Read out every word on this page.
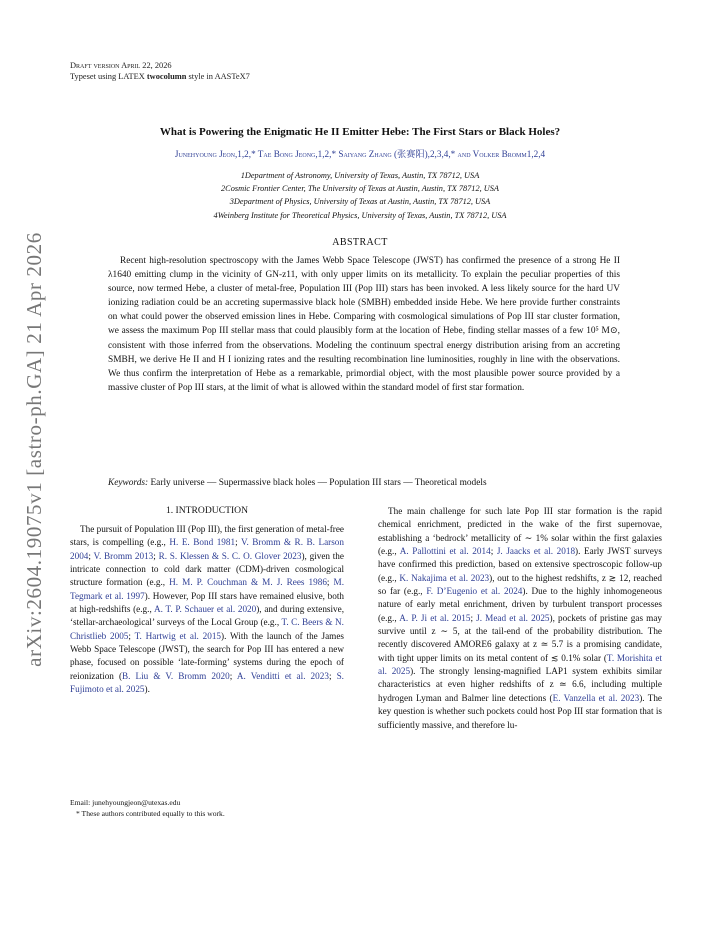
arXiv:2604.19075v1 [astro-ph.GA] 21 Apr 2026
Draft version April 22, 2026
Typeset using LATEX twocolumn style in AASTeX7
What is Powering the Enigmatic He II Emitter Hebe: The First Stars or Black Holes?
Junehyoung Jeon,1,2,* Tae Bong Jeong,1,2,* Saiyang Zhang (张赛阳),2,3,4,* and Volker Bromm1,2,4
1Department of Astronomy, University of Texas, Austin, TX 78712, USA
2Cosmic Frontier Center, The University of Texas at Austin, Austin, TX 78712, USA
3Department of Physics, University of Texas at Austin, Austin, TX 78712, USA
4Weinberg Institute for Theoretical Physics, University of Texas, Austin, TX 78712, USA
ABSTRACT

Recent high-resolution spectroscopy with the James Webb Space Telescope (JWST) has confirmed the presence of a strong He II λ1640 emitting clump in the vicinity of GN-z11, with only upper limits on its metallicity. To explain the peculiar properties of this source, now termed Hebe, a cluster of metal-free, Population III (Pop III) stars has been invoked. A less likely source for the hard UV ionizing radiation could be an accreting supermassive black hole (SMBH) embedded inside Hebe. We here provide further constraints on what could power the observed emission lines in Hebe. Comparing with cosmological simulations of Pop III star cluster formation, we assess the maximum Pop III stellar mass that could plausibly form at the location of Hebe, finding stellar masses of a few 10⁵ M⊙, consistent with those inferred from the observations. Modeling the continuum spectral energy distribution arising from an accreting SMBH, we derive He II and H I ionizing rates and the resulting recombination line luminosities, roughly in line with the observations. We thus confirm the interpretation of Hebe as a remarkable, primordial object, with the most plausible power source provided by a massive cluster of Pop III stars, at the limit of what is allowed within the standard model of first star formation.

Keywords: Early universe — Supermassive black holes — Population III stars — Theoretical models
1. INTRODUCTION

The pursuit of Population III (Pop III), the first generation of metal-free stars, is compelling (e.g., H. E. Bond 1981; V. Bromm & R. B. Larson 2004; V. Bromm 2013; R. S. Klessen & S. C. O. Glover 2023), given the intricate connection to cold dark matter (CDM)-driven cosmological structure formation (e.g., H. M. P. Couchman & M. J. Rees 1986; M. Tegmark et al. 1997). However, Pop III stars have remained elusive, both at high-redshifts (e.g., A. T. P. Schauer et al. 2020), and during extensive, ‘stellar-archaeological’ surveys of the Local Group (e.g., T. C. Beers & N. Christlieb 2005; T. Hartwig et al. 2015). With the launch of the James Webb Space Telescope (JWST), the search for Pop III has entered a new phase, focused on possible ‘late-forming’ systems during the epoch of reionization (B. Liu & V. Bromm 2020; A. Venditti et al. 2023; S. Fujimoto et al. 2025).

The main challenge for such late Pop III star formation is the rapid chemical enrichment, predicted in the wake of the first supernovae, establishing a ‘bedrock’ metallicity of ∼ 1% solar within the first galaxies (e.g., A. Pallottini et al. 2014; J. Jaacks et al. 2018). Early JWST surveys have confirmed this prediction, based on extensive spectroscopic follow-up (e.g., K. Nakajima et al. 2023), out to the highest redshifts, z ≳ 12, reached so far (e.g., F. D’Eugenio et al. 2024). Due to the highly inhomogeneous nature of early metal enrichment, driven by turbulent transport processes (e.g., A. P. Ji et al. 2015; J. Mead et al. 2025), pockets of pristine gas may survive until z ∼ 5, at the tail-end of the probability distribution. The recently discovered AMORE6 galaxy at z ≃ 5.7 is a promising candidate, with tight upper limits on its metal content of ≲ 0.1% solar (T. Morishita et al. 2025). The strongly lensing-magnified LAP1 system exhibits similar characteristics at even higher redshifts of z ≃ 6.6, including multiple hydrogen Lyman and Balmer line detections (E. Vanzella et al. 2023). The key question is whether such pockets could host Pop III star formation that is sufficiently massive, and therefore lu-

Email: junehyoungjeon@utexas.edu
* These authors contributed equally to this work.
